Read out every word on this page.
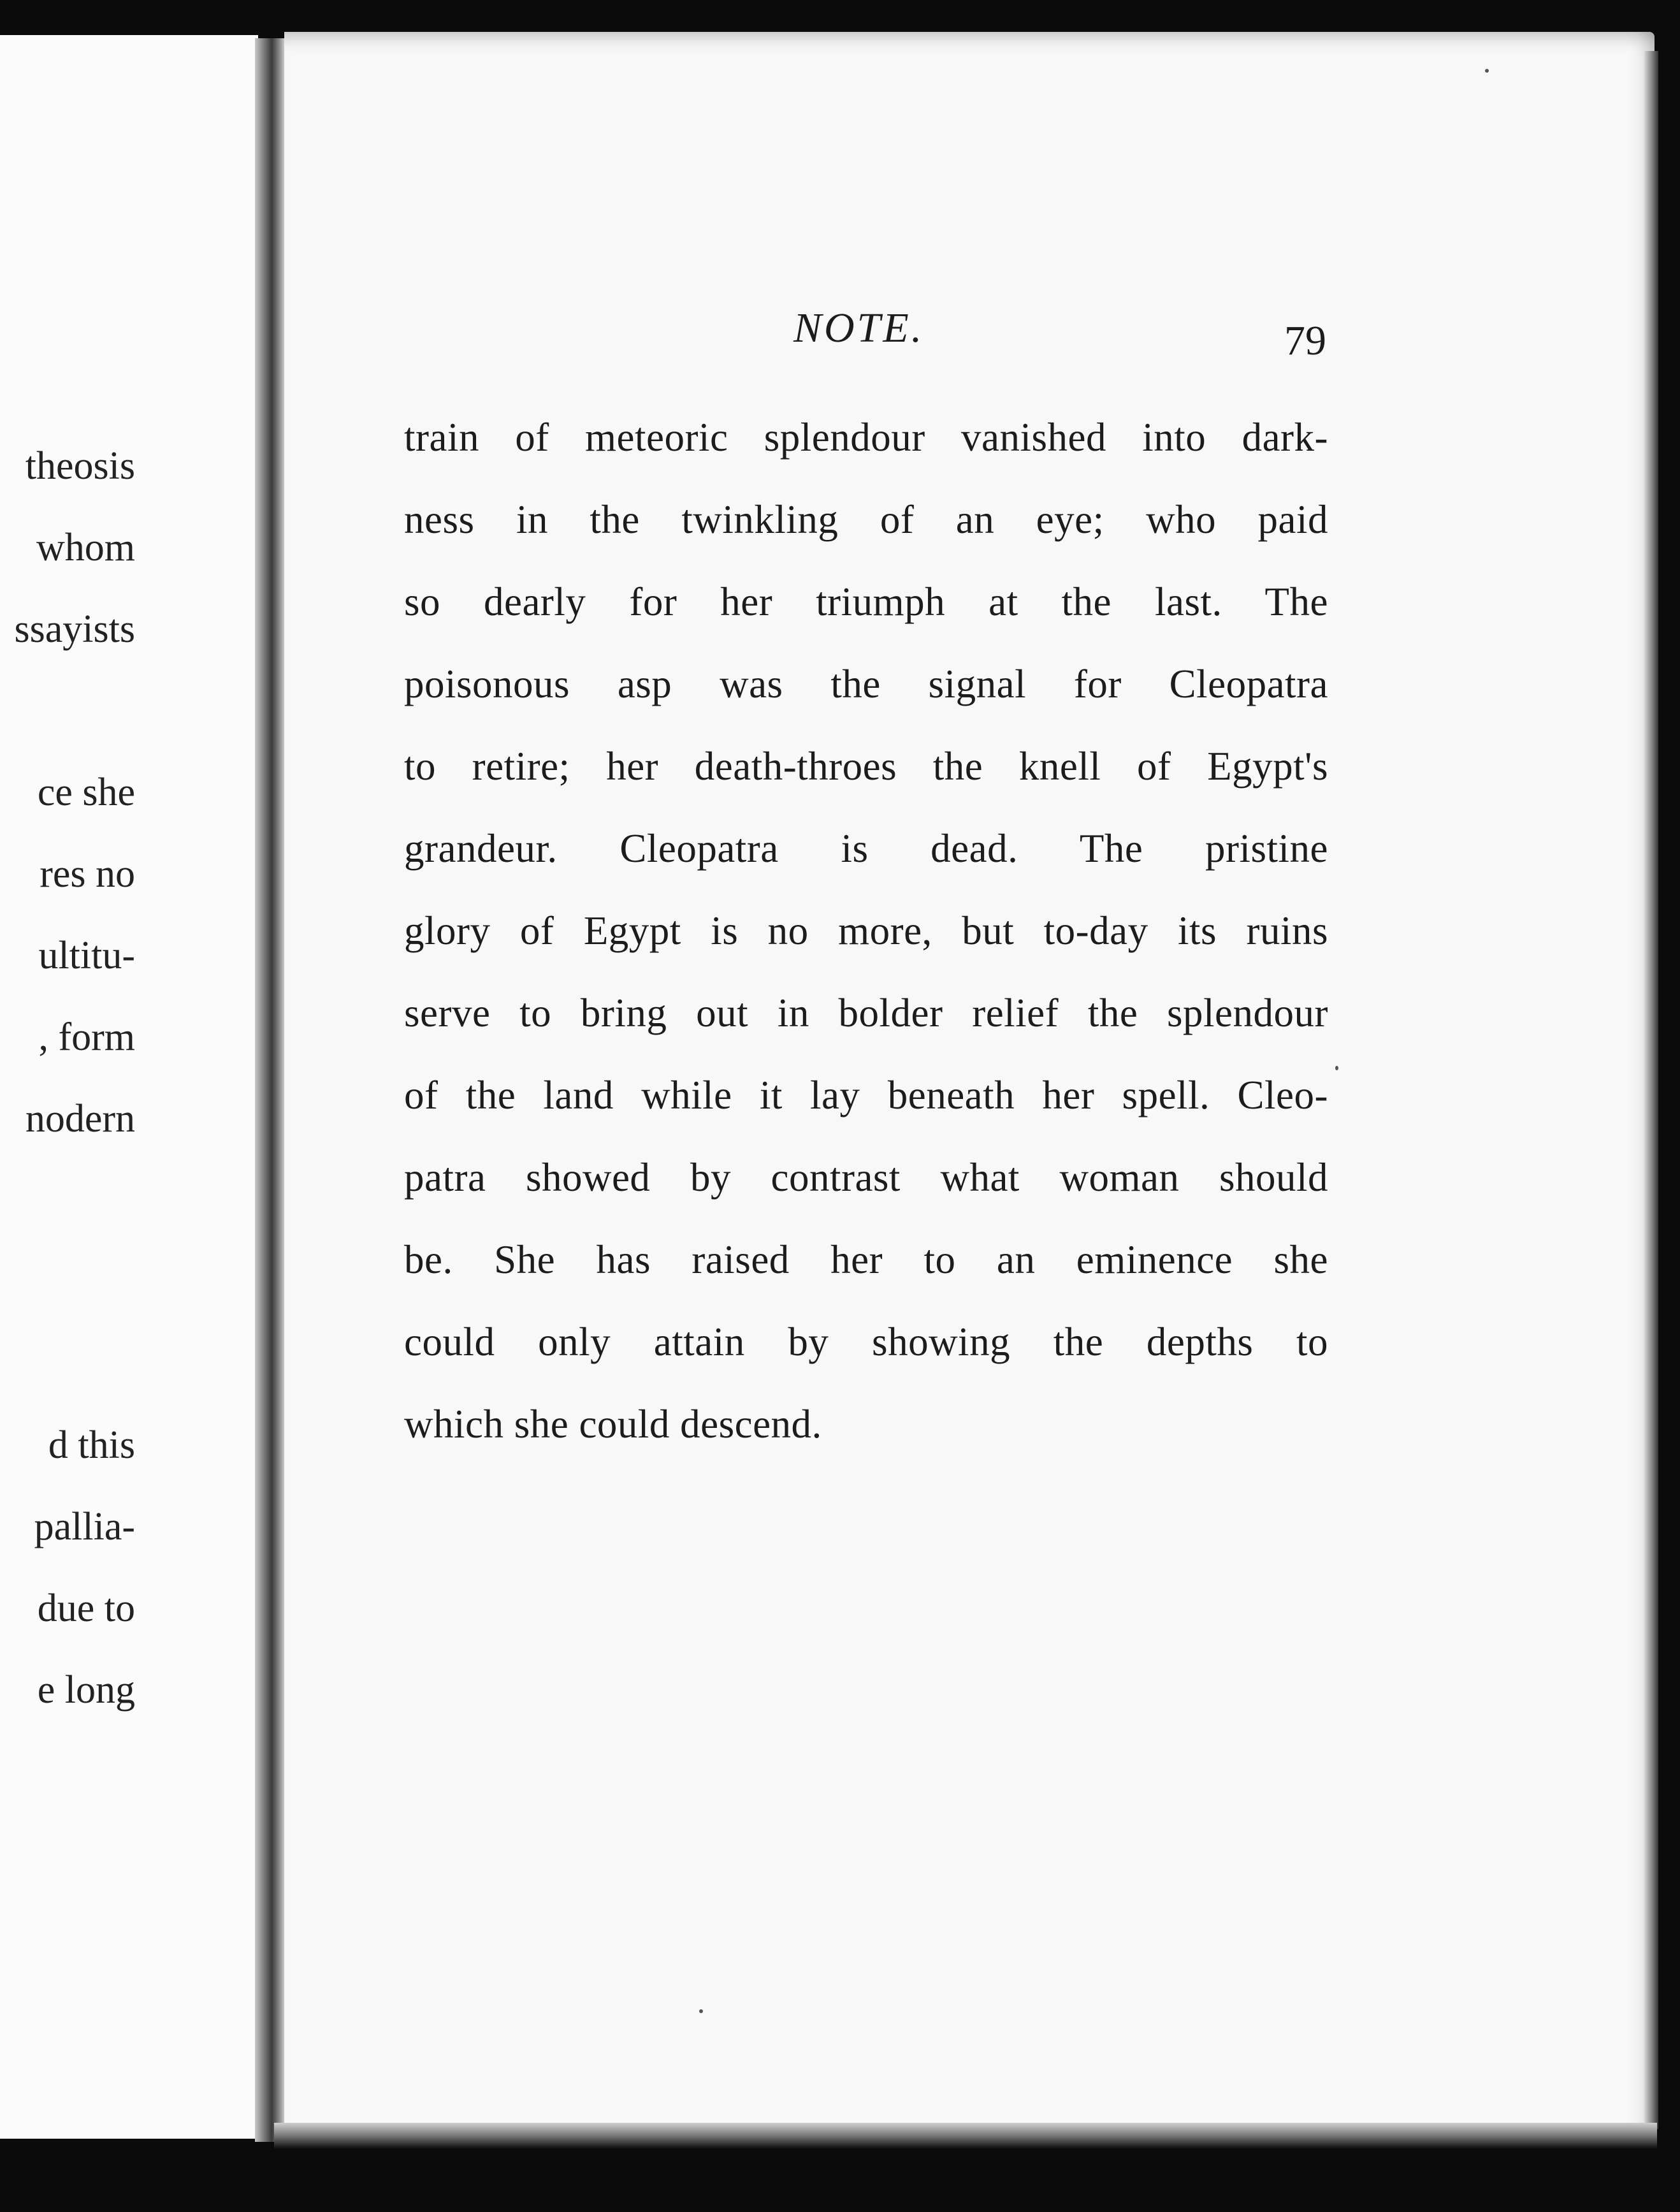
theosis
whom
ssayists
ce she
res no
ultitu-
, form
nodern
d this
pallia-
due to
e long
NOTE.	79
train of meteoric splendour vanished into dark-
ness in the twinkling of an eye; who paid
so dearly for her triumph at the last. The
poisonous asp was the signal for Cleopatra
to retire; her death-throes the knell of Egypt's
grandeur. Cleopatra is dead. The pristine
glory of Egypt is no more, but to-day its ruins
serve to bring out in bolder relief the splendour
of the land while it lay beneath her spell. Cleo-
patra showed by contrast what woman should
be. She has raised her to an eminence she
could only attain by showing the depths to
which she could descend.
